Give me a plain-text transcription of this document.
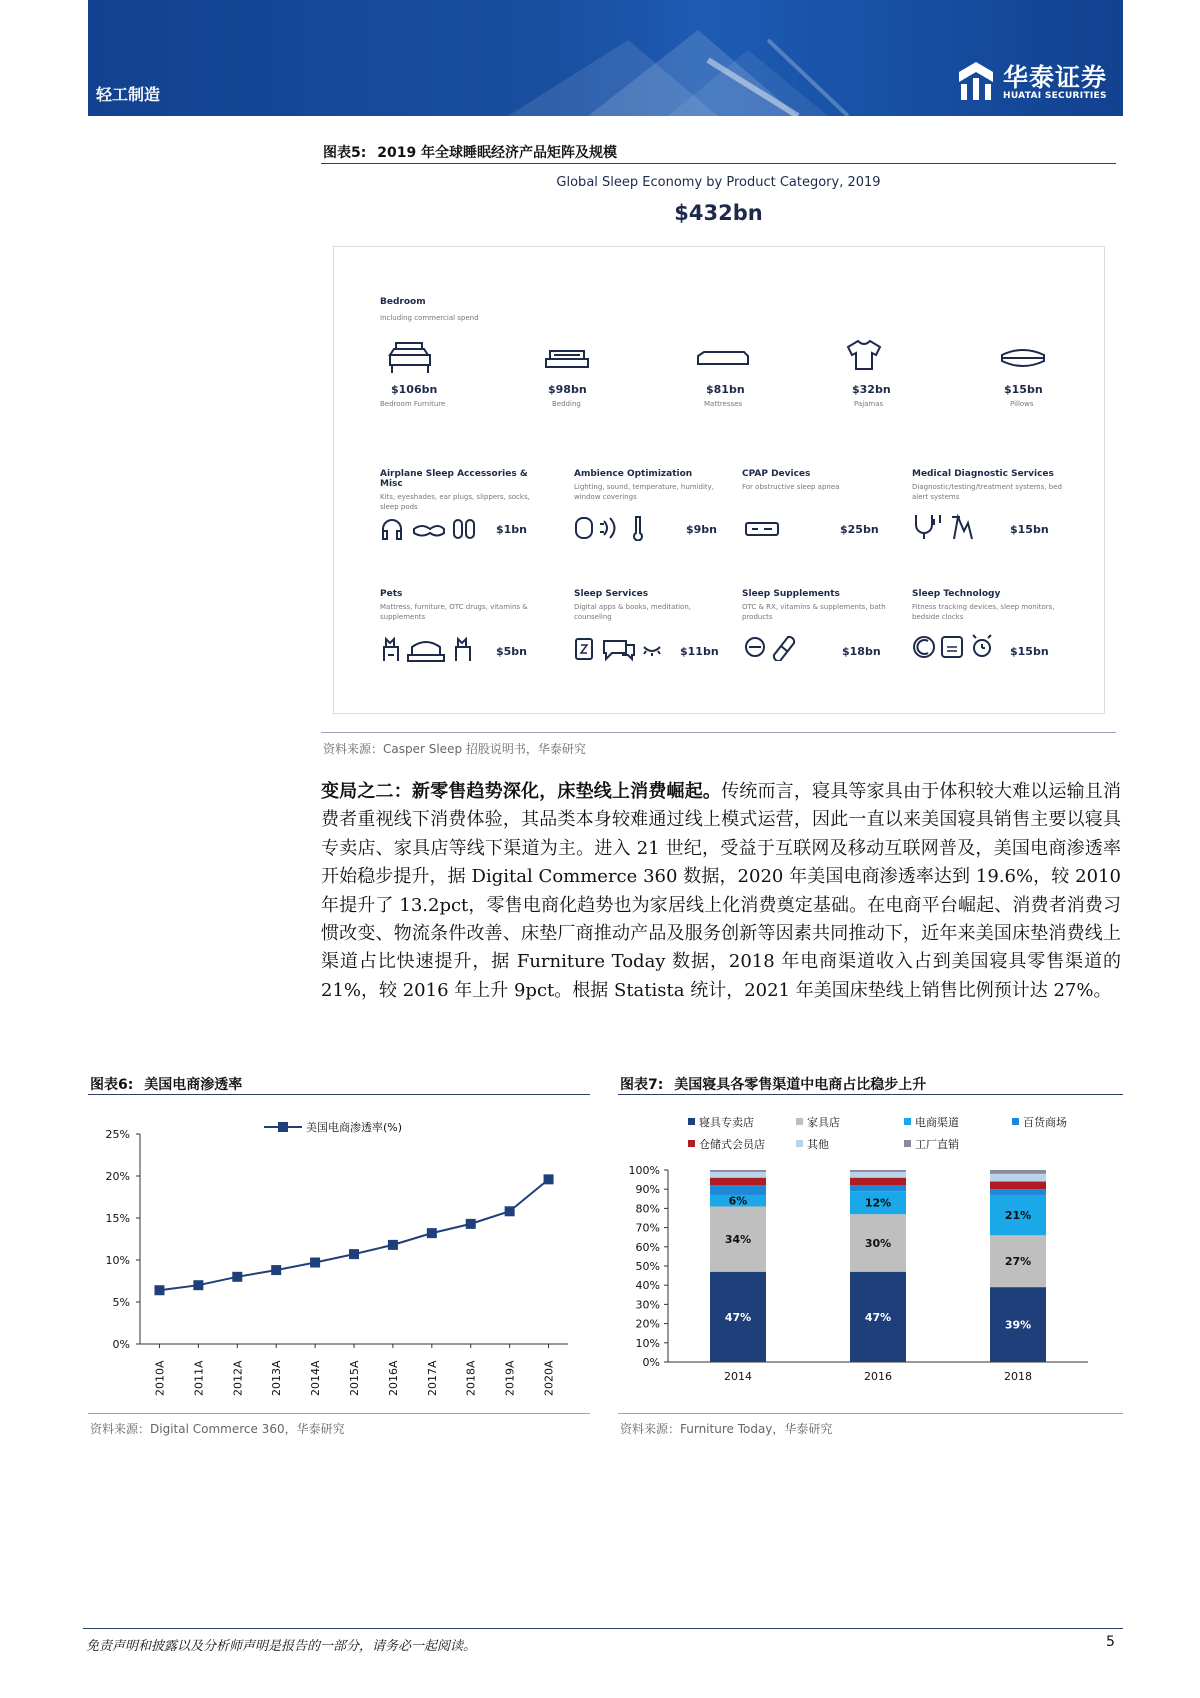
轻工制造
华泰证券
HUATAI SECURITIES
图表5: 2019 年全球睡眠经济产品矩阵及规模
Global Sleep Economy by Product Category, 2019
$432bn
Bedroom
Including commercial spend
$106bn
Bedroom Furniture
$98bn
Bedding
$81bn
Mattresses
$32bn
Pajamas
$15bn
Pillows
Airplane Sleep Accessories & Misc
Kits, eyeshades, ear plugs, slippers, socks, sleep pods
$1bn
Ambience Optimization
Lighting, sound, temperature, humidity, window coverings
$9bn
CPAP Devices
For obstructive sleep apnea
$25bn
Medical Diagnostic Services
Diagnostic/testing/treatment systems, bed alert systems
$15bn
Pets
Mattress, furniture, OTC drugs, vitamins & supplements
$5bn
Sleep Services
Digital apps & books, meditation, counseling
$11bn
Sleep Supplements
OTC & RX, vitamins & supplements, bath products
$18bn
Sleep Technology
Fitness tracking devices, sleep monitors, bedside clocks
$15bn
资料来源：Casper Sleep 招股说明书，华泰研究
变局之二：新零售趋势深化，床垫线上消费崛起。传统而言，寝具等家具由于体积较大难以运输且消费者重视线下消费体验，其品类本身较难通过线上模式运营，因此一直以来美国寝具销售主要以寝具专卖店、家具店等线下渠道为主。进入 21 世纪，受益于互联网及移动互联网普及，美国电商渗透率开始稳步提升，据 Digital Commerce 360 数据，2020 年美国电商渗透率达到 19.6%，较 2010 年提升了 13.2pct，零售电商化趋势也为家居线上化消费奠定基础。在电商平台崛起、消费者消费习惯改变、物流条件改善、床垫厂商推动产品及服务创新等因素共同推动下，近年来美国床垫消费线上渠道占比快速提升，据 Furniture Today 数据，2018 年电商渠道收入占到美国寝具零售渠道的 21%，较 2016 年上升 9pct。根据 Statista 统计，2021 年美国床垫线上销售比例预计达 27%。
图表6: 美国电商渗透率
0%
5%
10%
15%
20%
25%
2010A 2011A 2012A 2013A 2014A 2015A 2016A 2017A 2018A 2019A 2020A
美国电商渗透率(%)
资料来源：Digital Commerce 360，华泰研究
图表7: 美国寝具各零售渠道中电商占比稳步上升
寝具专卖店	家具店	电商渠道	百货商场
仓储式会员店	其他	工厂直销
0%
10%
20%
30%
40%
50%
60%
70%
80%
90%
100%
47%
34%
6%
2014
47%
30%
12%
2016
39%
27%
21%
2018
资料来源：Furniture Today，华泰研究
免责声明和披露以及分析师声明是报告的一部分，请务必一起阅读。	5
